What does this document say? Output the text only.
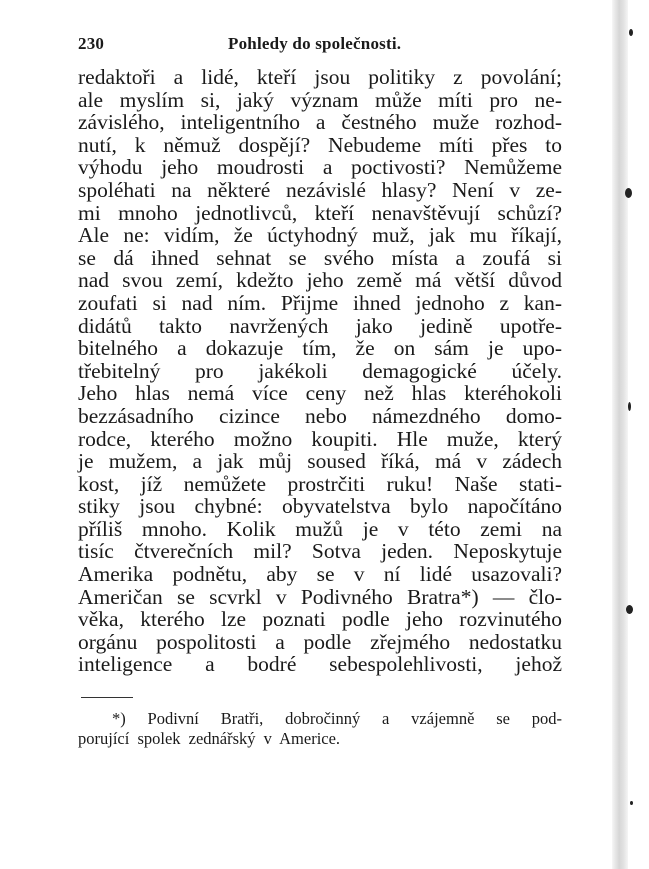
230	Pohledy do společnosti.
redaktoři a lidé, kteří jsou politiky z povolání;
ale myslím si, jaký význam může míti pro ne-
závislého, inteligentního a čestného muže rozhod-
nutí, k němuž dospějí? Nebudeme míti přes to
výhodu jeho moudrosti a poctivosti? Nemůžeme
spoléhati na některé nezávislé hlasy? Není v ze-
mi mnoho jednotlivců, kteří nenavštěvují schůzí?
Ale ne: vidím, že úctyhodný muž, jak mu říkají,
se dá ihned sehnat se svého místa a zoufá si
nad svou zemí, kdežto jeho země má větší důvod
zoufati si nad ním. Přijme ihned jednoho z kan-
didátů takto navržených jako jedině upotře-
bitelného a dokazuje tím, že on sám je upo-
třebitelný pro jakékoli demagogické účely.
Jeho hlas nemá více ceny než hlas kteréhokoli
bezzásadního cizince nebo námezdného domo-
rodce, kterého možno koupiti. Hle muže, který
je mužem, a jak můj soused říká, má v zádech
kost, jíž nemůžete prostrčiti ruku! Naše stati-
stiky jsou chybné: obyvatelstva bylo napočítáno
příliš mnoho. Kolik mužů je v této zemi na
tisíc čtverečních mil? Sotva jeden. Neposkytuje
Amerika podnětu, aby se v ní lidé usazovali?
Američan se scvrkl v Podivného Bratra*) — člo-
věka, kterého lze poznati podle jeho rozvinutého
orgánu pospolitosti a podle zřejmého nedostatku
inteligence a bodré sebespolehlivosti, jehož
*) Podivní Bratři, dobročinný a vzájemně se pod-
porující spolek zednářský v Americe.
